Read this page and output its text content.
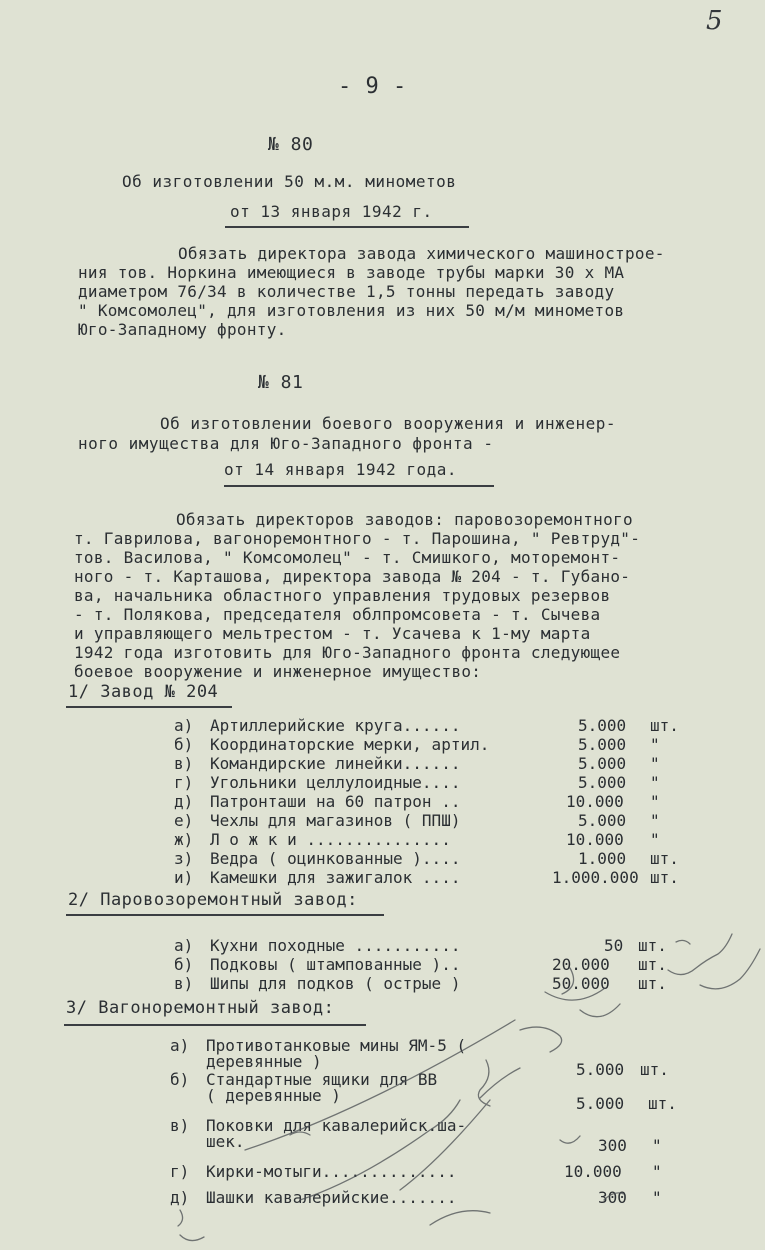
5
- 9 -
№ 80
Об изготовлении 50 м.м. минометов
от 13 января 1942 г.
Обязать директора завода химического машинострое-
ния тов. Норкина имеющиеся в заводе трубы марки 30 х МА
диаметром 76/34 в количестве 1,5 тонны передать заводу
" Комсомолец", для изготовления из них 50 м/м минометов
Юго-Западному фронту.
№ 81
Об изготовлении боевого вооружения и инженер-
ного имущества для Юго-Западного фронта -
от 14 января 1942 года.
Обязать директоров заводов: паровозоремонтного
т. Гаврилова, вагоноремонтного - т. Парошина, " Ревтруд"-
тов. Василова, " Комсомолец" - т. Смишкого, моторемонт-
ного - т. Карташова, директора завода № 204 - т. Губано-
ва, начальника областного управления трудовых резервов
- т. Полякова, председателя облпромсовета - т. Сычева
и управляющего мельтрестом - т. Усачева к 1-му марта
1942 года изготовить для Юго-Западного фронта следующее
боевое вооружение и инженерное имущество:
1/ Завод № 204
а) Артиллерийские круга......	5.000 шт.
б) Координаторские мерки, артил.	5.000 "
в) Командирские линейки......	5.000 "
г) Угольники целлулоидные....	5.000 "
д) Патронташи на 60 патрон ..	10.000 "
е) Чехлы для магазинов ( ППШ)	5.000 "
ж) Л о ж к и ...............	10.000 "
з) Ведра ( оцинкованные )....	1.000 шт.
и) Камешки для зажигалок ....	1.000.000 шт.
2/ Паровозоремонтный завод:
а) Кухни походные ...........	50 шт.
б) Подковы ( штампованные )..	20.000 шт.
в) Шипы для подков ( острые )	50.000 шт.
3/ Вагоноремонтный завод:
а) Противотанковые мины ЯМ-5 (
деревянные )	5.000 шт.
б) Стандартные ящики для ВВ
( деревянные )	5.000 шт.
в) Поковки для кавалерийск.ша-
шек.	300 "
г) Кирки-мотыги..............	10.000 "
д) Шашки кавалерийские.......	300 "
